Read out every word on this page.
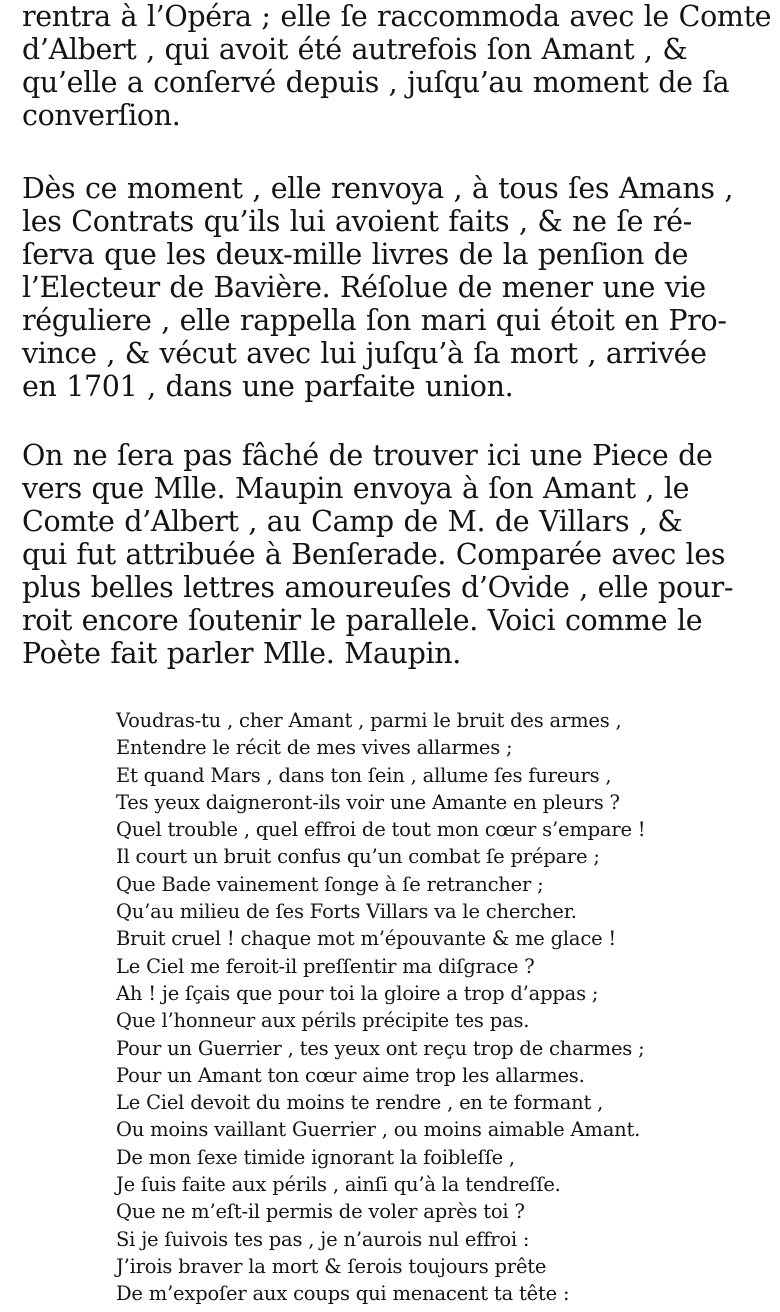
rentra à l’Opéra ; elle ſe raccommoda avec le Comte
d’Albert , qui avoit été autrefois ſon Amant , &
qu’elle a conſervé depuis , juſqu’au moment de ſa
converſion.
Dès ce moment , elle renvoya , à tous ſes Amans ,
les Contrats qu’ils lui avoient faits , & ne ſe ré-
ſerva que les deux-mille livres de la penſion de
l’Electeur de Bavière. Réſolue de mener une vie
réguliere , elle rappella ſon mari qui étoit en Pro-
vince , & vécut avec lui juſqu’à ſa mort , arrivée
en 1701 , dans une parfaite union.
On ne ſera pas fâché de trouver ici une Piece de
vers que Mlle. Maupin envoya à ſon Amant , le
Comte d’Albert , au Camp de M. de Villars , &
qui fut attribuée à Benſerade. Comparée avec les
plus belles lettres amoureuſes d’Ovide , elle pour-
roit encore ſoutenir le parallele. Voici comme le
Poète fait parler Mlle. Maupin.
Voudras-tu , cher Amant , parmi le bruit des armes ,
Entendre le récit de mes vives allarmes ;
Et quand Mars , dans ton ſein , allume ſes fureurs ,
Tes yeux daigneront-ils voir une Amante en pleurs ?
Quel trouble , quel effroi de tout mon cœur s’empare !
Il court un bruit confus qu’un combat ſe prépare ;
Que Bade vainement ſonge à ſe retrancher ;
Qu’au milieu de ſes Forts Villars va le chercher.
Bruit cruel ! chaque mot m’épouvante & me glace !
Le Ciel me feroit-il preſſentir ma diſgrace ?
Ah ! je ſçais que pour toi la gloire a trop d’appas ;
Que l’honneur aux périls précipite tes pas.
Pour un Guerrier , tes yeux ont reçu trop de charmes ;
Pour un Amant ton cœur aime trop les allarmes.
Le Ciel devoit du moins te rendre , en te formant ,
Ou moins vaillant Guerrier , ou moins aimable Amant.
De mon ſexe timide ignorant la foibleſſe ,
Je ſuis faite aux périls , ainſi qu’à la tendreſſe.
Que ne m’eſt-il permis de voler après toi ?
Si je ſuivois tes pas , je n’aurois nul effroi :
J’irois braver la mort & ſerois toujours prête
De m’expoſer aux coups qui menacent ta tête :
